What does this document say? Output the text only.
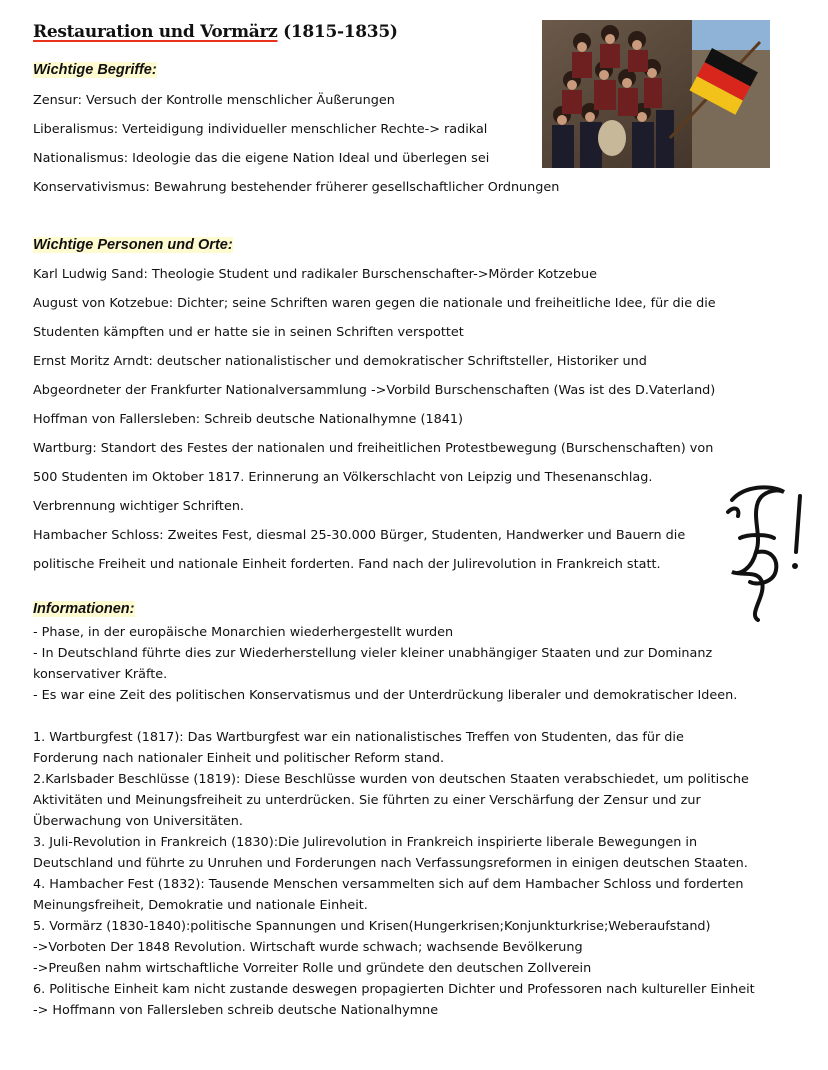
Restauration und Vormärz (1815-1835)
Wichtige Begriffe:
Zensur: Versuch der Kontrolle menschlicher Äußerungen
Liberalismus: Verteidigung individueller menschlicher Rechte-> radikal
Nationalismus: Ideologie das die eigene Nation Ideal und überlegen sei
Konservativismus: Bewahrung bestehender früherer gesellschaftlicher Ordnungen
Wichtige Personen und Orte:
Karl Ludwig Sand: Theologie Student und radikaler Burschenschafter->Mörder Kotzebue
August von Kotzebue: Dichter; seine Schriften waren gegen die nationale und freiheitliche Idee, für die die
Studenten kämpften und er hatte sie in seinen Schriften verspottet
Ernst Moritz Arndt: deutscher nationalistischer und demokratischer Schriftsteller, Historiker und
Abgeordneter der Frankfurter Nationalversammlung ->Vorbild Burschenschaften (Was ist des D.Vaterland)
Hoffman von Fallersleben: Schreib deutsche Nationalhymne (1841)
Wartburg: Standort des Festes der nationalen und freiheitlichen Protestbewegung (Burschenschaften) von
500 Studenten im Oktober 1817. Erinnerung an Völkerschlacht von Leipzig und Thesenanschlag.
Verbrennung wichtiger Schriften.
Hambacher Schloss: Zweites Fest, diesmal 25-30.000 Bürger, Studenten, Handwerker und Bauern die
politische Freiheit und nationale Einheit forderten. Fand nach der Julirevolution in Frankreich statt.
Informationen:
- Phase, in der europäische Monarchien wiederhergestellt wurden
- In Deutschland führte dies zur Wiederherstellung vieler kleiner unabhängiger Staaten und zur Dominanz
konservativer Kräfte.
- Es war eine Zeit des politischen Konservatismus und der Unterdrückung liberaler und demokratischer Ideen.
1. Wartburgfest (1817): Das Wartburgfest war ein nationalistisches Treffen von Studenten, das für die
Forderung nach nationaler Einheit und politischer Reform stand.
2.Karlsbader Beschlüsse (1819): Diese Beschlüsse wurden von deutschen Staaten verabschiedet, um politische
Aktivitäten und Meinungsfreiheit zu unterdrücken. Sie führten zu einer Verschärfung der Zensur und zur
Überwachung von Universitäten.
3. Juli-Revolution in Frankreich (1830):Die Julirevolution in Frankreich inspirierte liberale Bewegungen in
Deutschland und führte zu Unruhen und Forderungen nach Verfassungsreformen in einigen deutschen Staaten.
4. Hambacher Fest (1832): Tausende Menschen versammelten sich auf dem Hambacher Schloss und forderten
Meinungsfreiheit, Demokratie und nationale Einheit.
5. Vormärz (1830-1840):politische Spannungen und Krisen(Hungerkrisen;Konjunkturkrise;Weberaufstand)
->Vorboten Der 1848 Revolution. Wirtschaft wurde schwach; wachsende Bevölkerung
->Preußen nahm wirtschaftliche Vorreiter Rolle und gründete den deutschen Zollverein
6. Politische Einheit kam nicht zustande deswegen propagierten Dichter und Professoren nach kultureller Einheit
-> Hoffmann von Fallersleben schreib deutsche Nationalhymne
